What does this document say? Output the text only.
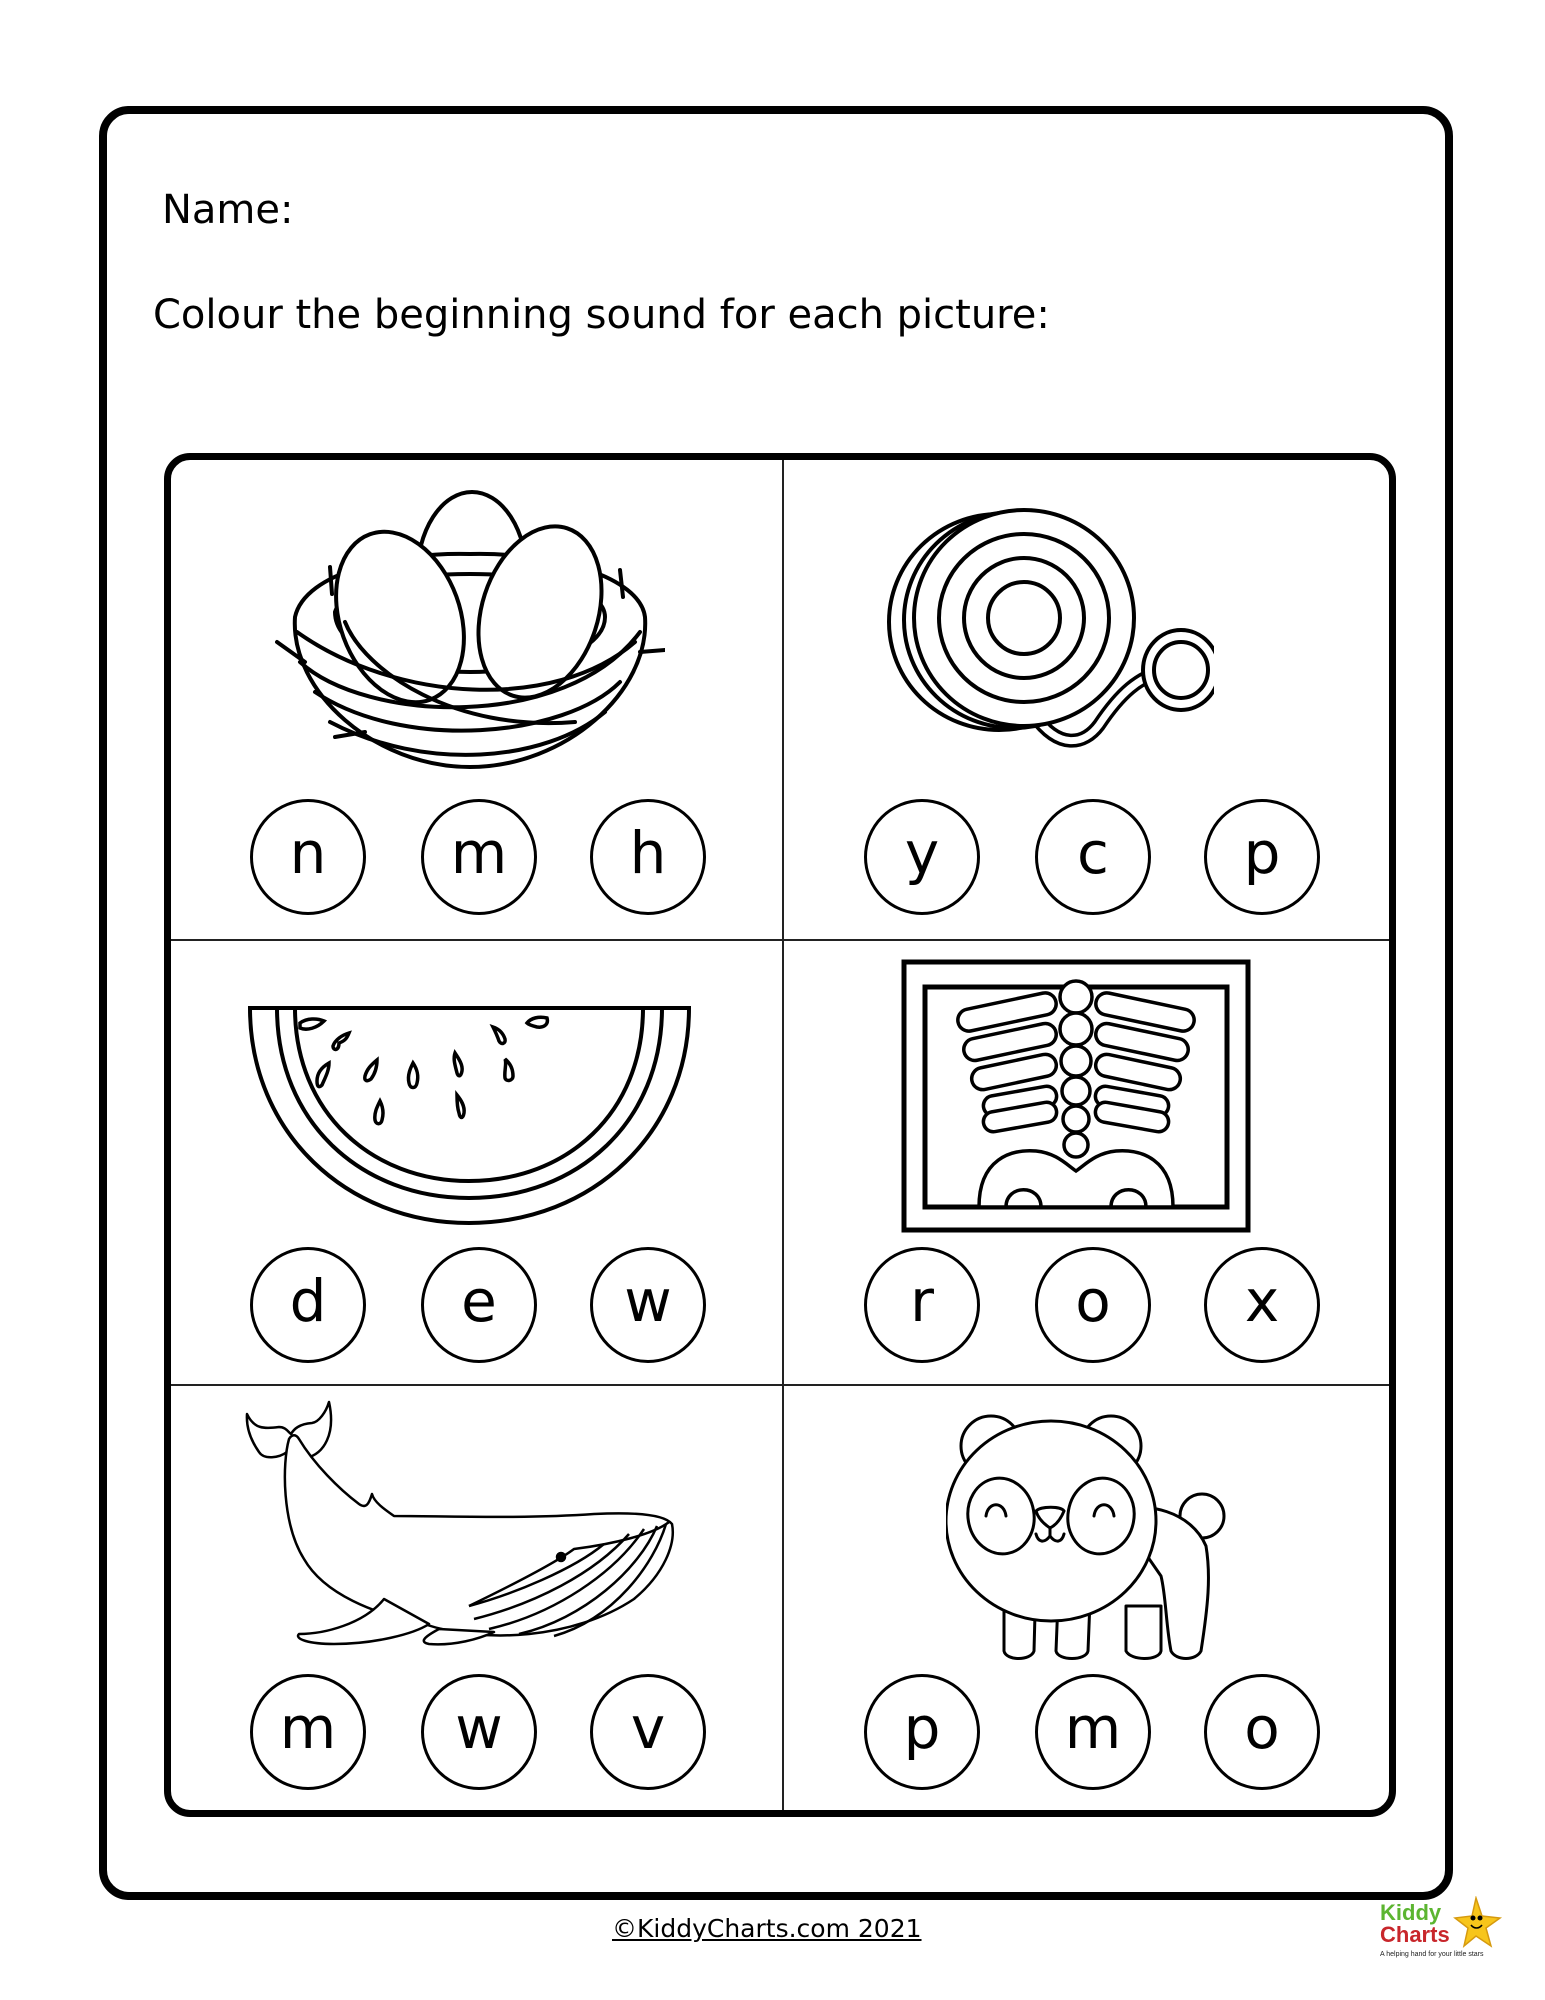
Name:
Colour the beginning sound for each picture:
n m h	y c p
d e w	r o x
m w v	p m o
©KiddyCharts.com 2021
Kiddy
Charts
A helping hand for your little stars
